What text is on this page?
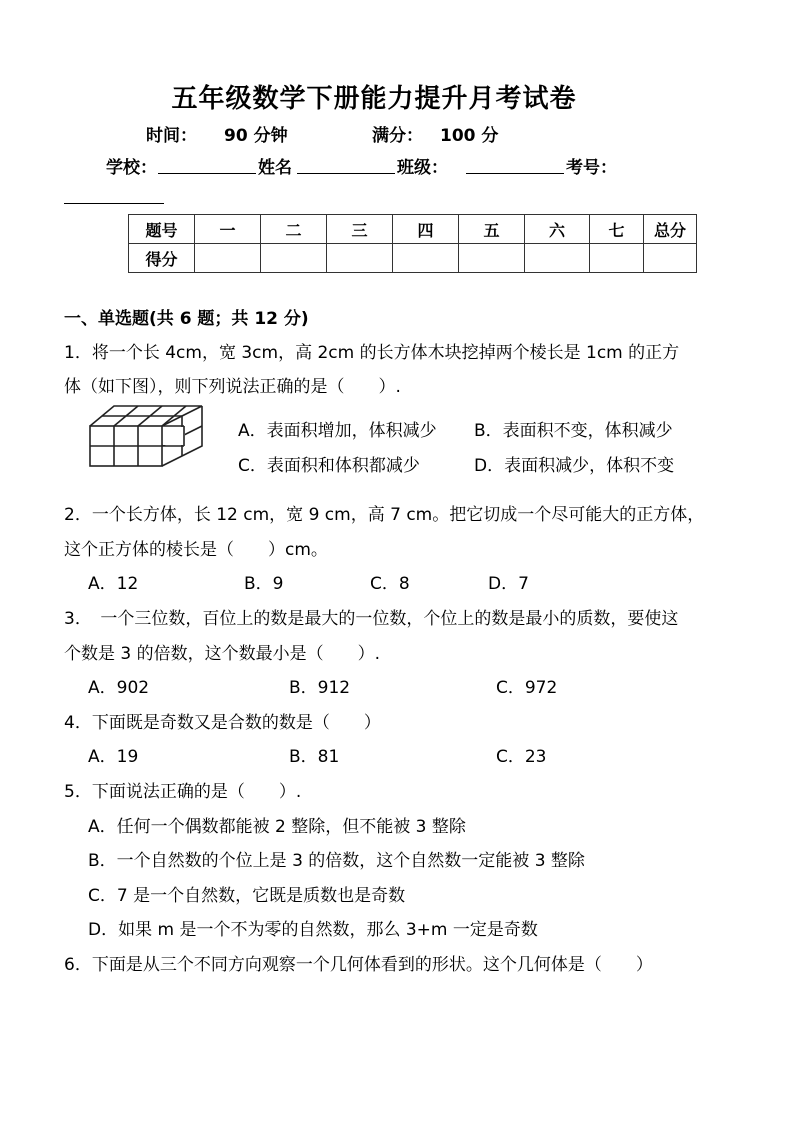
五年级数学下册能力提升月考试卷
时间： 90 分钟	满分： 100 分
学校：	姓名	班级：	考号：
题号	一	二	三	四	五	六	七	总分
得分								
一、单选题(共 6 题；共 12 分)
1．将一个长 4cm，宽 3cm，高 2cm 的长方体木块挖掉两个棱长是 1cm 的正方
体（如下图），则下列说法正确的是（　　）.
A．表面积增加，体积减少 B．表面积不变，体积减少
C．表面积和体积都减少	D．表面积减少，体积不变
2．一个长方体，长 12 cm，宽 9 cm，高 7 cm。把它切成一个尽可能大的正方体，
这个正方体的棱长是（　　）cm。
A．12	B．9	C．8	D．7
3．　一个三位数，百位上的数是最大的一位数，个位上的数是最小的质数，要使这
个数是 3 的倍数，这个数最小是（　　）.
A．902	B．912	C．972
4．下面既是奇数又是合数的数是（　　）
A．19	B．81	C．23
5．下面说法正确的是（　　）.
A．任何一个偶数都能被 2 整除，但不能被 3 整除
B．一个自然数的个位上是 3 的倍数，这个自然数一定能被 3 整除
C．7 是一个自然数，它既是质数也是奇数
D．如果 m 是一个不为零的自然数，那么 3+m 一定是奇数
6．下面是从三个不同方向观察一个几何体看到的形状。这个几何体是（　　）
